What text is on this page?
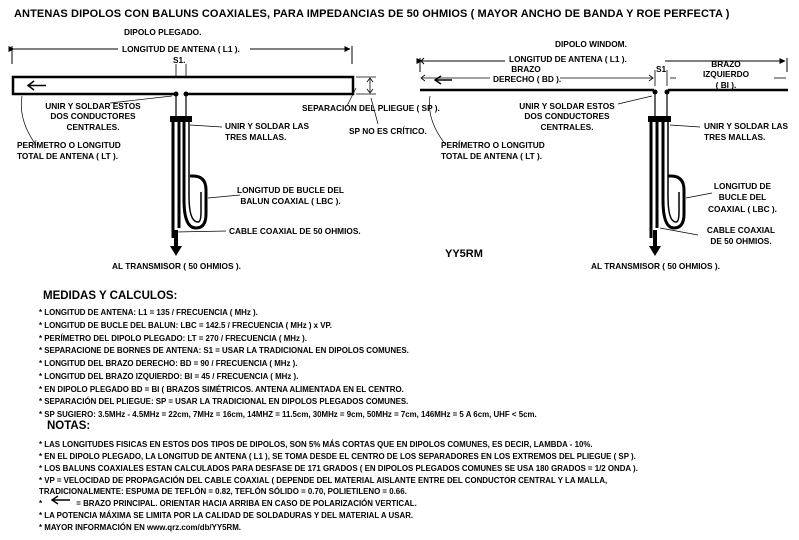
ANTENAS DIPOLOS CON BALUNS COAXIALES, PARA IMPEDANCIAS DE 50 OHMIOS ( MAYOR ANCHO DE BANDA Y ROE PERFECTA )
DIPOLO PLEGADO.
LONGITUD DE ANTENA ( L1 ).
S1.
UNIR Y SOLDAR ESTOS
DOS CONDUCTORES
CENTRALES.	UNIR Y SOLDAR LAS
TRES MALLAS.
SEPARACIÓN DEL PLIEGUE ( SP ).
SP NO ES CRÍTICO.
PERÍMETRO O LONGITUD
TOTAL DE ANTENA ( LT ).
LONGITUD DE BUCLE DEL
BALUN COAXIAL ( LBC ).
CABLE COAXIAL DE 50 OHMIOS.
AL TRANSMISOR ( 50 OHMIOS ).
DIPOLO WINDOM.
LONGITUD DE ANTENA ( L1 ).
BRAZO
DERECHO ( BD ).
S1	BRAZO
IZQUIERDO
( BI ).
UNIR Y SOLDAR ESTOS
DOS CONDUCTORES
CENTRALES.	UNIR Y SOLDAR LAS
TRES MALLAS.
PERÍMETRO O LONGITUD
TOTAL DE ANTENA ( LT ).
LONGITUD DE
BUCLE DEL
COAXIAL ( LBC ).
CABLE COAXIAL
DE 50 OHMIOS.
AL TRANSMISOR ( 50 OHMIOS ).
YY5RM
MEDIDAS Y CALCULOS:
* LONGITUD DE ANTENA: L1 = 135 / FRECUENCIA ( MHz ).
* LONGITUD DE BUCLE DEL BALUN: LBC = 142.5 / FRECUENCIA ( MHz ) x VP.
* PERÍMETRO DEL DIPOLO PLEGADO: LT = 270 / FRECUENCIA ( MHz ).
* SEPARACIONE DE BORNES DE ANTENA: S1 = USAR LA TRADICIONAL EN DIPOLOS COMUNES.
* LONGITUD DEL BRAZO DERECHO: BD = 90 / FRECUENCIA ( MHz ).
* LONGITUD DEL BRAZO IZQUIERDO: BI = 45 / FRECUENCIA ( MHz ).
* EN DIPOLO PLEGADO BD = BI ( BRAZOS SIMÉTRICOS. ANTENA ALIMENTADA EN EL CENTRO.
* SEPARACIÓN DEL PLIEGUE: SP = USAR LA TRADICIONAL EN DIPOLOS PLEGADOS COMUNES.
* SP SUGIERO: 3.5MHz - 4.5MHz = 22cm, 7MHz = 16cm, 14MHZ = 11.5cm, 30MHz = 9cm, 50MHz = 7cm, 146MHz = 5 A 6cm, UHF < 5cm.
NOTAS:
* LAS LONGITUDES FISICAS EN ESTOS DOS TIPOS DE DIPOLOS, SON 5% MÁS CORTAS QUE EN DIPOLOS COMUNES, ES DECIR, LAMBDA - 10%.
* EN EL DIPOLO PLEGADO, LA LONGITUD DE ANTENA ( L1 ), SE TOMA DESDE EL CENTRO DE LOS SEPARADORES EN LOS EXTREMOS DEL PLIEGUE ( SP ).
* LOS BALUNS COAXIALES ESTAN CALCULADOS PARA DESFASE DE 171 GRADOS ( EN DIPOLOS PLEGADOS COMUNES SE USA 180 GRADOS = 1/2 ONDA ).
* VP = VELOCIDAD DE PROPAGACIÓN DEL CABLE COAXIAL ( DEPENDE DEL MATERIAL AISLANTE ENTRE DEL CONDUCTOR CENTRAL Y LA MALLA,
TRADICIONALMENTE: ESPUMA DE TEFLÓN = 0.82, TEFLÓN SÓLIDO = 0.70, POLIETILENO = 0.66.
*	= BRAZO PRINCIPAL. ORIENTAR HACIA ARRIBA EN CASO DE POLARIZACIÓN VERTICAL.
* LA POTENCIA MÁXIMA SE LIMITA POR LA CALIDAD DE SOLDADURAS Y DEL MATERIAL A USAR.
* MAYOR INFORMACIÓN EN www.qrz.com/db/YY5RM.
